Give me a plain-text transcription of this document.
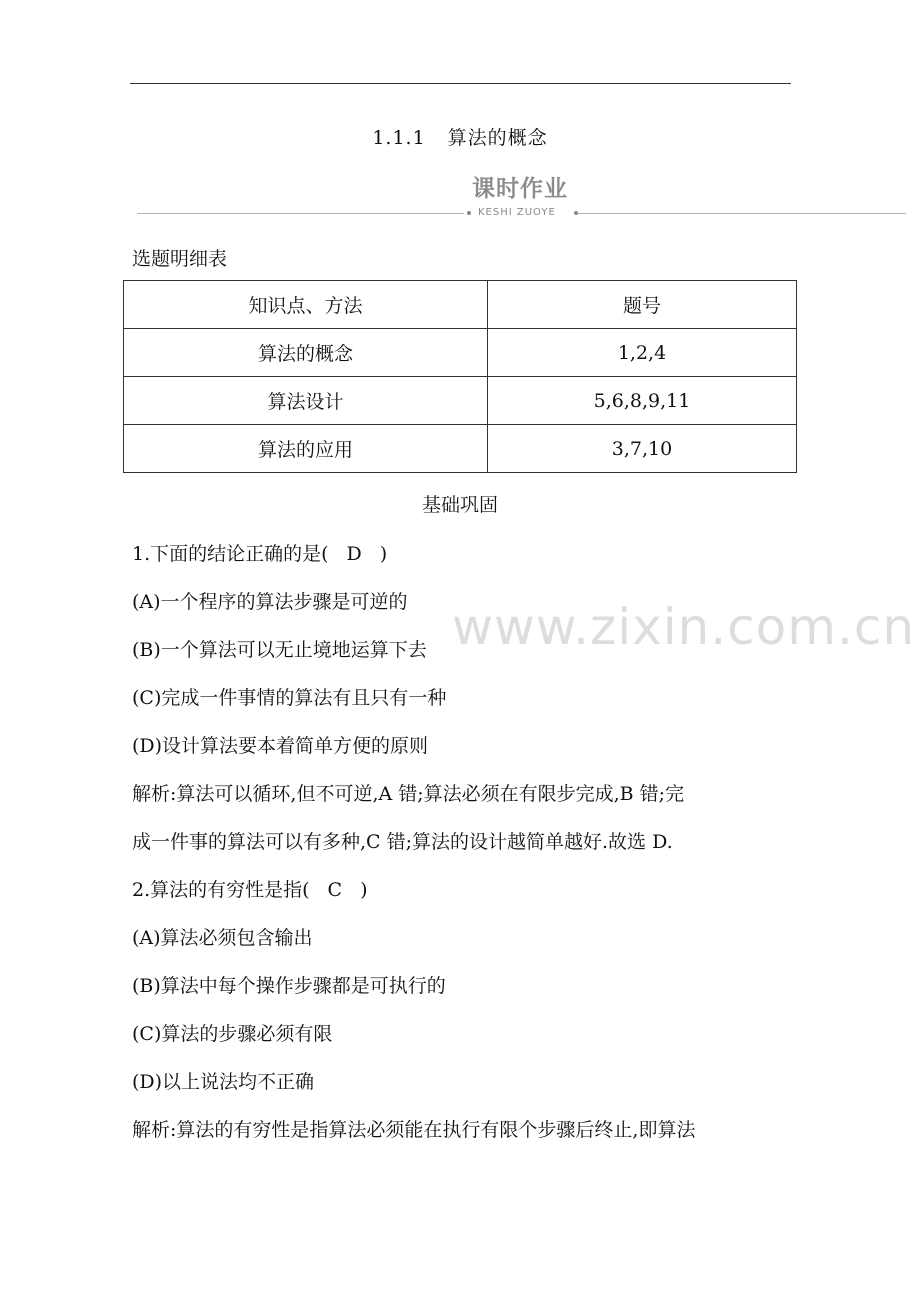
1.1.1 算法的概念
课时作业
KESHI ZUOYE
选题明细表
知识点、方法	题号
算法的概念	1,2,4
算法设计	5,6,8,9,11
算法的应用	3,7,10
基础巩固
1.下面的结论正确的是( D )
(A)一个程序的算法步骤是可逆的
(B)一个算法可以无止境地运算下去
(C)完成一件事情的算法有且只有一种
(D)设计算法要本着简单方便的原则
解析:算法可以循环,但不可逆,A 错;算法必须在有限步完成,B 错;完
成一件事的算法可以有多种,C 错;算法的设计越简单越好.故选 D.
2.算法的有穷性是指( C )
(A)算法必须包含输出
(B)算法中每个操作步骤都是可执行的
(C)算法的步骤必须有限
(D)以上说法均不正确
解析:算法的有穷性是指算法必须能在执行有限个步骤后终止,即算法
www.zixin.com.cn
